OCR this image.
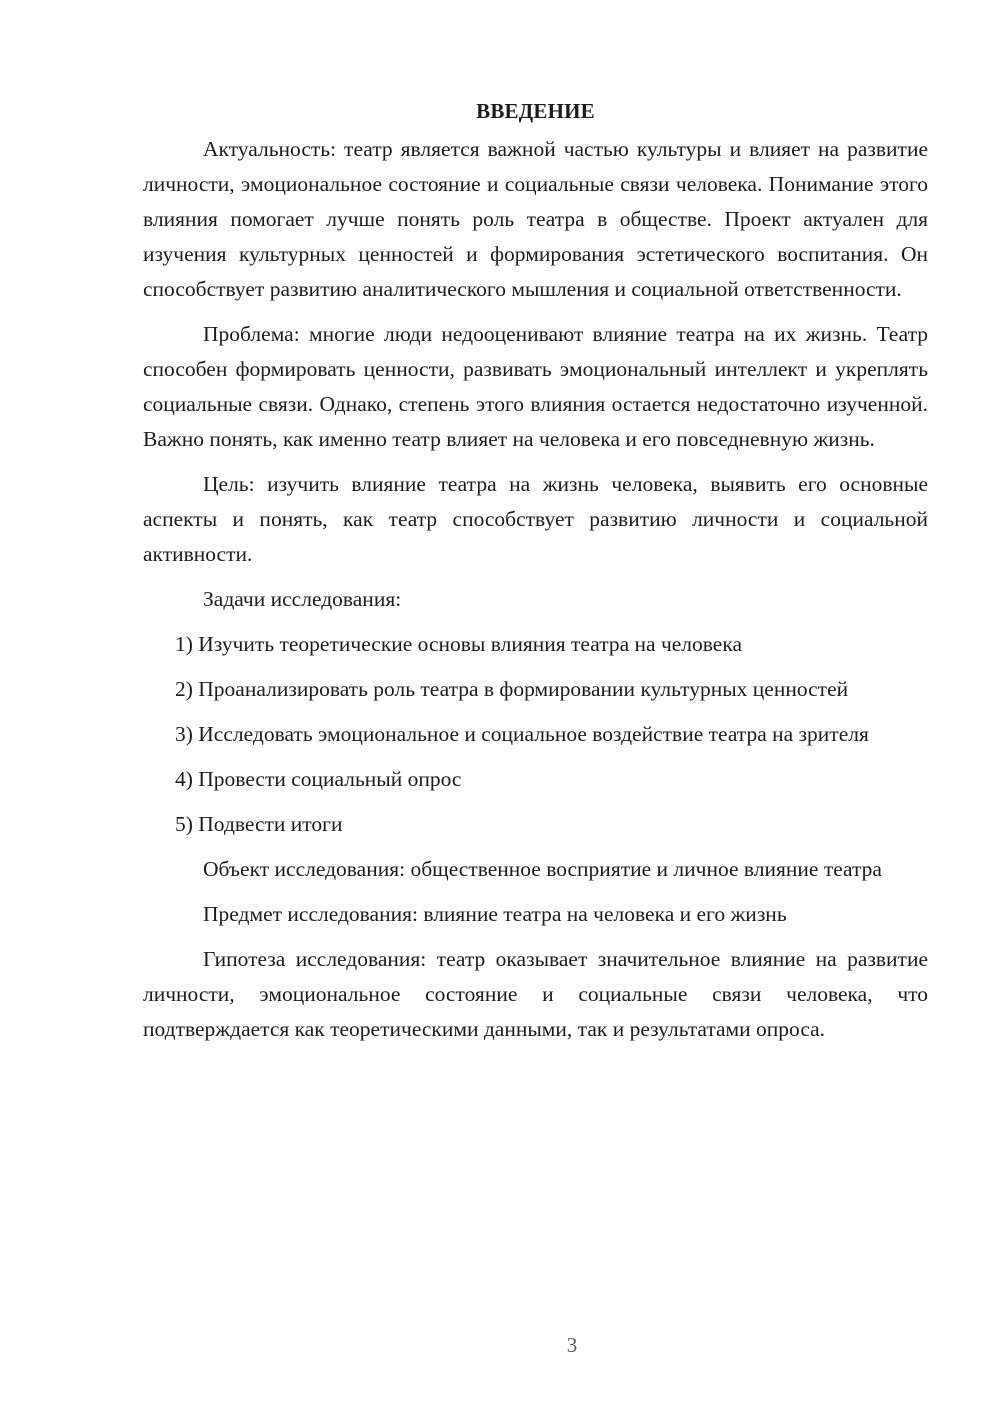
ВВЕДЕНИЕ

Актуальность: театр является важной частью культуры и влияет на развитие личности, эмоциональное состояние и социальные связи человека. Понимание этого влияния помогает лучше понять роль театра в обществе. Проект актуален для изучения культурных ценностей и формирования эстетического воспитания. Он способствует развитию аналитического мышления и социальной ответственности.

Проблема: многие люди недооценивают влияние театра на их жизнь. Театр способен формировать ценности, развивать эмоциональный интеллект и укреплять социальные связи. Однако, степень этого влияния остается недостаточно изученной. Важно понять, как именно театр влияет на человека и его повседневную жизнь.

Цель: изучить влияние театра на жизнь человека, выявить его основные аспекты и понять, как театр способствует развитию личности и социальной активности.

Задачи исследования:

1) Изучить теоретические основы влияния театра на человека

2) Проанализировать роль театра в формировании культурных ценностей

3) Исследовать эмоциональное и социальное воздействие театра на зрителя

4) Провести социальный опрос

5) Подвести итоги

Объект исследования: общественное восприятие и личное влияние театра

Предмет исследования: влияние театра на человека и его жизнь

Гипотеза исследования: театр оказывает значительное влияние на развитие личности, эмоциональное состояние и социальные связи человека, что подтверждается как теоретическими данными, так и результатами опроса.

3
